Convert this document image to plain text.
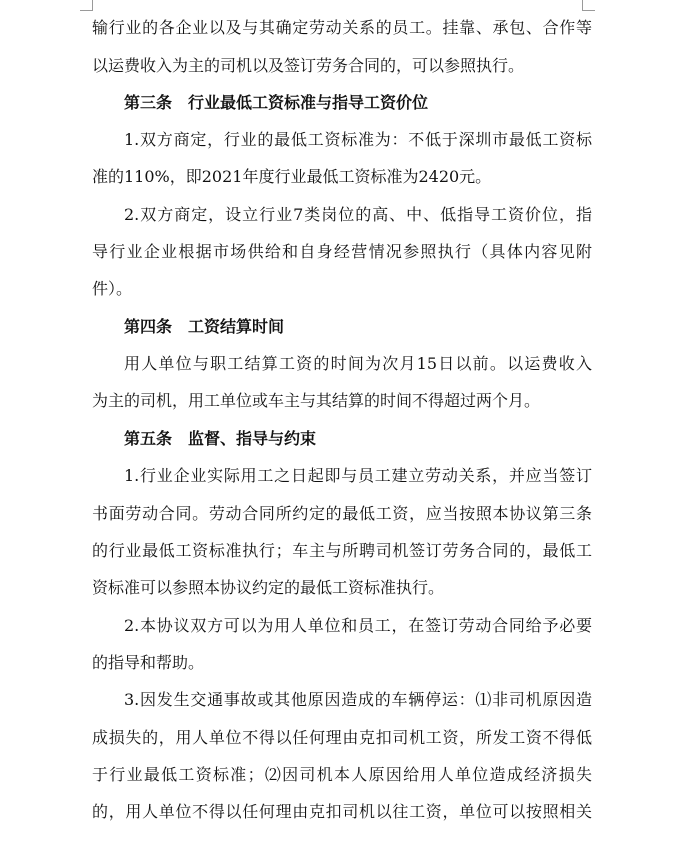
输行业的各企业以及与其确定劳动关系的员工。挂靠、承包、合作等
以运费收入为主的司机以及签订劳务合同的，可以参照执行。
第三条　行业最低工资标准与指导工资价位
1.双方商定，行业的最低工资标准为：不低于深圳市最低工资标
准的110%，即2021年度行业最低工资标准为2420元。
2.双方商定，设立行业7类岗位的高、中、低指导工资价位，指
导行业企业根据市场供给和自身经营情况参照执行（具体内容见附
件）。
第四条　工资结算时间
用人单位与职工结算工资的时间为次月15日以前。以运费收入
为主的司机，用工单位或车主与其结算的时间不得超过两个月。
第五条　监督、指导与约束
1.行业企业实际用工之日起即与员工建立劳动关系，并应当签订
书面劳动合同。劳动合同所约定的最低工资，应当按照本协议第三条
的行业最低工资标准执行；车主与所聘司机签订劳务合同的，最低工
资标准可以参照本协议约定的最低工资标准执行。
2.本协议双方可以为用人单位和员工，在签订劳动合同给予必要
的指导和帮助。
3.因发生交通事故或其他原因造成的车辆停运：⑴非司机原因造
成损失的，用人单位不得以任何理由克扣司机工资，所发工资不得低
于行业最低工资标准；⑵因司机本人原因给用人单位造成经济损失
的，用人单位不得以任何理由克扣司机以往工资，单位可以按照相关
